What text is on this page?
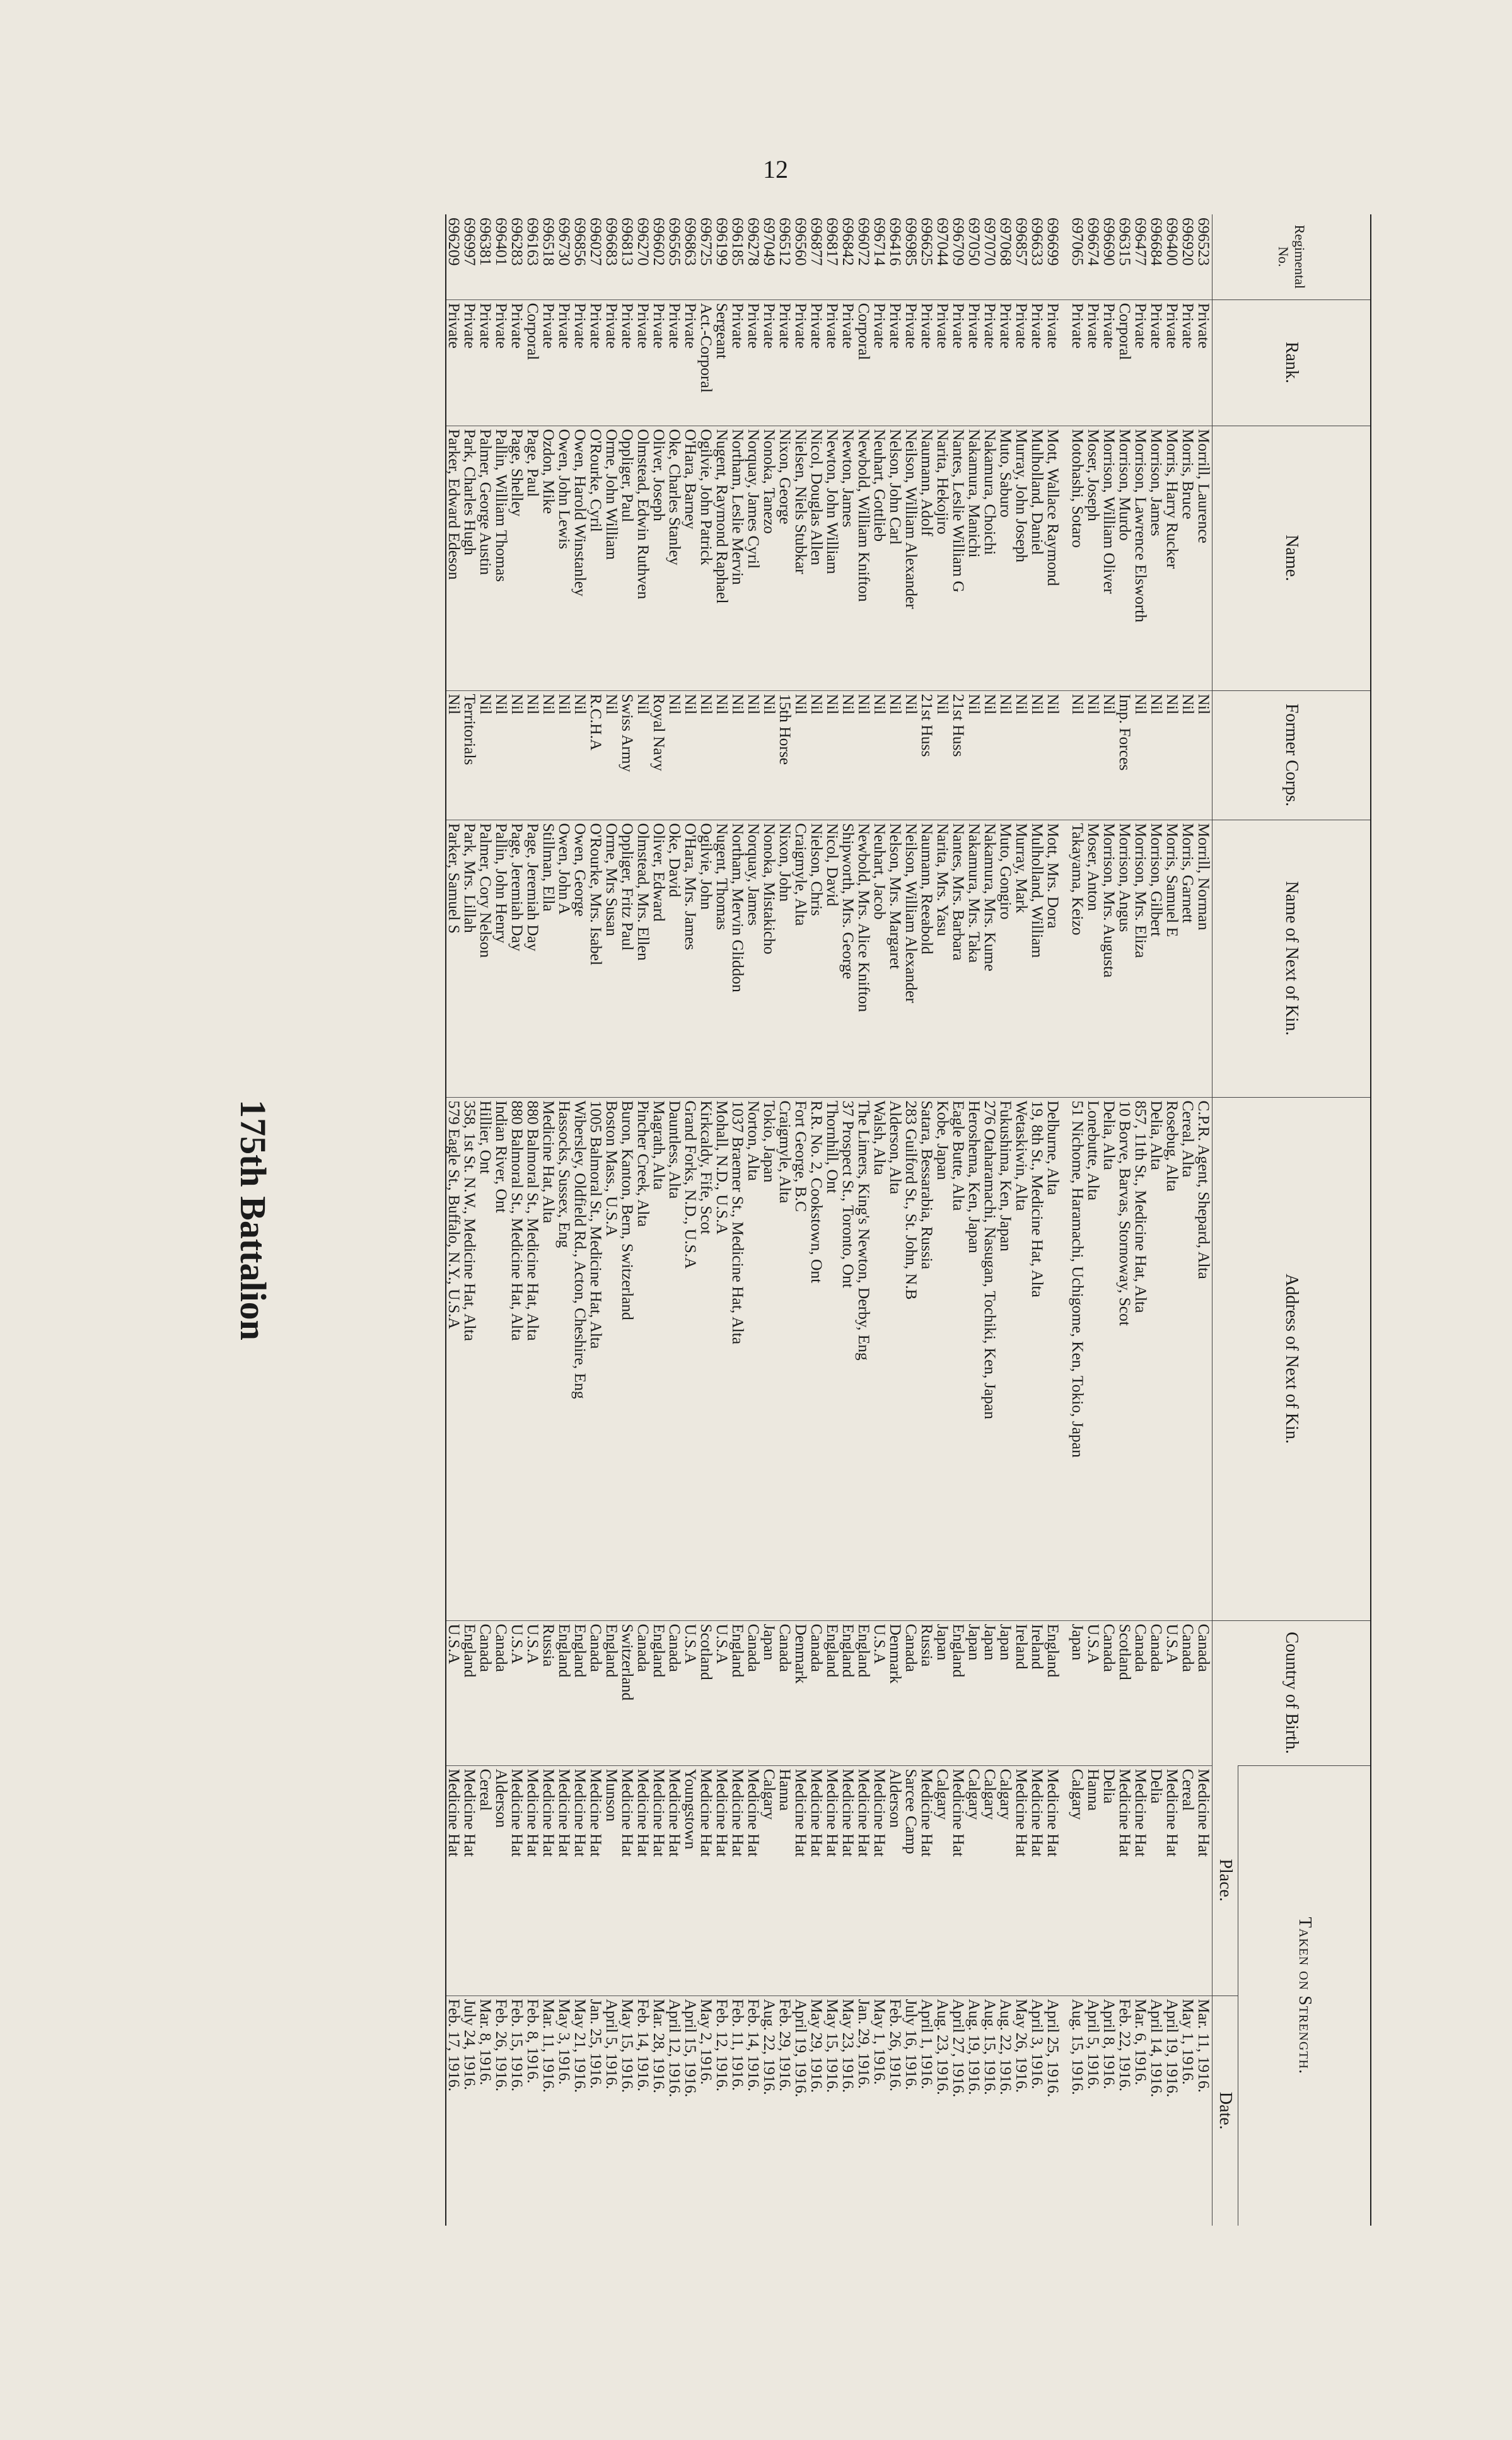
12
Regimental No.	Rank.	Name.	Former Corps.	Name of Next of Kin.	Address of Next of Kin.	Country of Birth.	Taken on Strength.	
							Place.	Date.
696523	Private	Morrill, Laurence	Nil	Morrill, Norman	C.P.R. Agent, Shepard, Alta	Canada	Medicine Hat	Mar. 11, 1916.
696920	Private	Morris, Bruce	Nil	Morris, Garnett	Cereal, Alta	Canada	Cereal	May 1, 1916.
696400	Private	Morris, Harry Rucker	Nil	Morris, Samuel E	Rosebug, Alta	U.S.A	Medicine Hat	April 19, 1916.
696684	Private	Morrison, James	Nil	Morrison, Gilbert	Delia, Alta	Canada	Delia	April 14, 1916.
696477	Private	Morrison, Lawrence Elsworth	Nil	Morrison, Mrs. Eliza	857, 11th St., Medicine Hat, Alta	Canada	Medicine Hat	Mar. 6, 1916.
696315	Corporal	Morrison, Murdo	Imp. Forces	Morrison, Angus	10 Borve, Barvas, Stornoway, Scot	Scotland	Medicine Hat	Feb. 22, 1916.
696690	Private	Morrison, William Oliver	Nil	Morrison, Mrs. Augusta	Delia, Alta	Canada	Delia	April 8, 1916.
696674	Private	Moser, Joseph	Nil	Moser, Anton	Lonebutte, Alta	U.S.A	Hanna	April 5, 1916.
697065	Private	Motohashi, Sotaro	Nil	Takayama, Keizo	51 Nichome, Haramachi, Uchigome, Ken, Tokio, Japan	Japan	Calgary	Aug. 15, 1916.

696699	Private	Mott, Wallace Raymond	Nil	Mott, Mrs. Dora	Delburne, Alta	England	Medicine Hat	April 25, 1916.
696633	Private	Mulholland, Daniel	Nil	Mulholland, William	19, 8th St., Medicine Hat, Alta	Ireland	Medicine Hat	April 3, 1916.
696857	Private	Murray, John Joseph	Nil	Murray, Mark	Wetaskiwin, Alta	Ireland	Medicine Hat	May 26, 1916.
697068	Private	Muto, Saburo	Nil	Muto, Gongiro	Fukushima, Ken, Japan	Japan	Calgary	Aug. 22, 1916.
697070	Private	Nakamura, Choichi	Nil	Nakamura, Mrs. Kume	276 Otaharamachi, Nasugan, Tochiki, Ken, Japan	Japan	Calgary	Aug. 15, 1916.
697050	Private	Nakamura, Manichi	Nil	Nakamura, Mrs. Taka	Heroshema, Ken, Japan	Japan	Calgary	Aug. 19, 1916.
696709	Private	Nantes, Leslie William G	21st Huss	Nantes, Mrs. Barbara	Eagle Butte, Alta	England	Medicine Hat	April 27, 1916.
697044	Private	Narita, Hekojiro	Nil	Narita, Mrs. Yasu	Kobe, Japan	Japan	Calgary	Aug. 23, 1916.
696625	Private	Naumann, Adolf	21st Huss	Naumann, Reeabold	Satara, Bessarabia, Russia	Russia	Medicine Hat	April 1, 1916.
696985	Private	Neilson, William Alexander	Nil	Neilson, William Alexander	283 Guilford St., St. John, N.B	Canada	Sarcee Camp	July 16, 1916.
696416	Private	Nelson, John Carl	Nil	Nelson, Mrs. Margaret	Alderson, Alta	Denmark	Alderson	Feb. 26, 1916.
696714	Private	Neuhart, Gottlieb	Nil	Neuhart, Jacob	Walsh, Alta	U.S.A	Medicine Hat	May 1, 1916.
696072	Corporal	Newbold, William Knifton	Nil	Newbold, Mrs. Alice Knifton	The Limers, King's Newton, Derby, Eng	England	Medicine Hat	Jan. 29, 1916.
696842	Private	Newton, James	Nil	Shipworth, Mrs. George	37 Prospect St., Toronto, Ont	England	Medicine Hat	May 23, 1916.
696817	Private	Newton, John William	Nil	Nicol, David	Thornhill, Ont	England	Medicine Hat	May 15, 1916.
696877	Private	Nicol, Douglas Allen	Nil	Nielson, Chris	R.R. No. 2, Cookstown, Ont	Canada	Medicine Hat	May 29, 1916.
696560	Private	Nielsen, Niels Stubkar	Nil	Craigmyle, Alta	Fort George, B.C	Denmark	Medicine Hat	April 19, 1916.
696512	Private	Nixon, George	15th Horse	Nixon, John	Craigmyle, Alta	Canada	Hanna	Feb. 29, 1916.
697049	Private	Nonoka, Tanezo	Nil	Nonoka, Mistakicho	Tokio, Japan	Japan	Calgary	Aug. 22, 1916.
696278	Private	Norquay, James Cyril	Nil	Norquay, James	Norton, Alta	Canada	Medicine Hat	Feb. 14, 1916.
696185	Private	Northam, Leslie Mervin	Nil	Northam, Mervin Gliddon	1037 Braemer St., Medicine Hat, Alta	England	Medicine Hat	Feb. 11, 1916.
696199	Sergeant	Nugent, Raymond Raphael	Nil	Nugent, Thomas	Mohall, N.D., U.S.A	U.S.A	Medicine Hat	Feb. 12, 1916.
696725	Act.-Corporal	Ogilvie, John Patrick	Nil	Ogilvie, John	Kirkcaldy, Fife, Scot	Scotland	Medicine Hat	May 2, 1916.
696863	Private	O'Hara, Barney	Nil	O'Hara, Mrs. James	Grand Forks, N.D., U.S.A	U.S.A	Youngstown	April 15, 1916.
696565	Private	Oke, Charles Stanley	Nil	Oke, David	Dauntless, Alta	Canada	Medicine Hat	April 12, 1916.
696602	Private	Oliver, Joseph	Royal Navy	Oliver, Edward	Magrath, Alta	England	Medicine Hat	Mar. 28, 1916.
696270	Private	Olmstead, Edwin Ruthven	Nil	Olmstead, Mrs. Ellen	Pincher Creek, Alta	Canada	Medicine Hat	Feb. 14, 1916.
696813	Private	Oppliger, Paul	Swiss Army	Oppliger, Fritz Paul	Buron, Kanton, Bern, Switzerland	Switzerland	Medicine Hat	May 15, 1916.
696683	Private	Orme, John William	Nil	Orme, Mrs Susan	Boston Mass., U.S.A	England	Munson	April 5, 1916.
696027	Private	O'Rourke, Cyril	R.C.H.A	O'Rourke, Mrs. Isabel	1005 Balmoral St., Medicine Hat, Alta	Canada	Medicine Hat	Jan. 25, 1916.
696856	Private	Owen, Harold Winstanley	Nil	Owen, George	Wibersley, Oldfield Rd., Acton, Cheshire, Eng	England	Medicine Hat	May 21, 1916.
696730	Private	Owen, John Lewis	Nil	Owen, John A	Hassocks, Sussex, Eng	England	Medicine Hat	May 3, 1916.
696518	Private	Ozdon, Mike	Nil	Stillman, Ella	Medicine Hat, Alta	Russia	Medicine Hat	Mar. 11, 1916.
696163	Corporal	Page, Paul	Nil	Page, Jeremiah Day	880 Balmoral St., Medicine Hat, Alta	U.S.A	Medicine Hat	Feb. 8, 1916.
696283	Private	Page, Shelley	Nil	Page, Jeremiah Day	880 Balmoral St., Medicine Hat, Alta	U.S.A	Medicine Hat	Feb. 15, 1916.
696401	Private	Pallin, William Thomas	Nil	Pallin, John Henry	Indian River, Ont	Canada	Alderson	Feb. 26, 1916.
696381	Private	Palmer, George Austin	Nil	Palmer, Cory Nelson	Hillier, Ont	Canada	Cereal	Mar. 8, 1916.
696997	Private	Park, Charles Hugh	Territorials	Park, Mrs. Lillah	358, 1st St. N.W., Medicine Hat, Alta	England	Medicine Hat	July 24, 1916.
696209	Private	Parker, Edward Edeson	Nil	Parker, Samuel S	579 Eagle St., Buffalo, N.Y., U.S.A	U.S.A	Medicine Hat	Feb. 17, 1916.
175th Battalion
